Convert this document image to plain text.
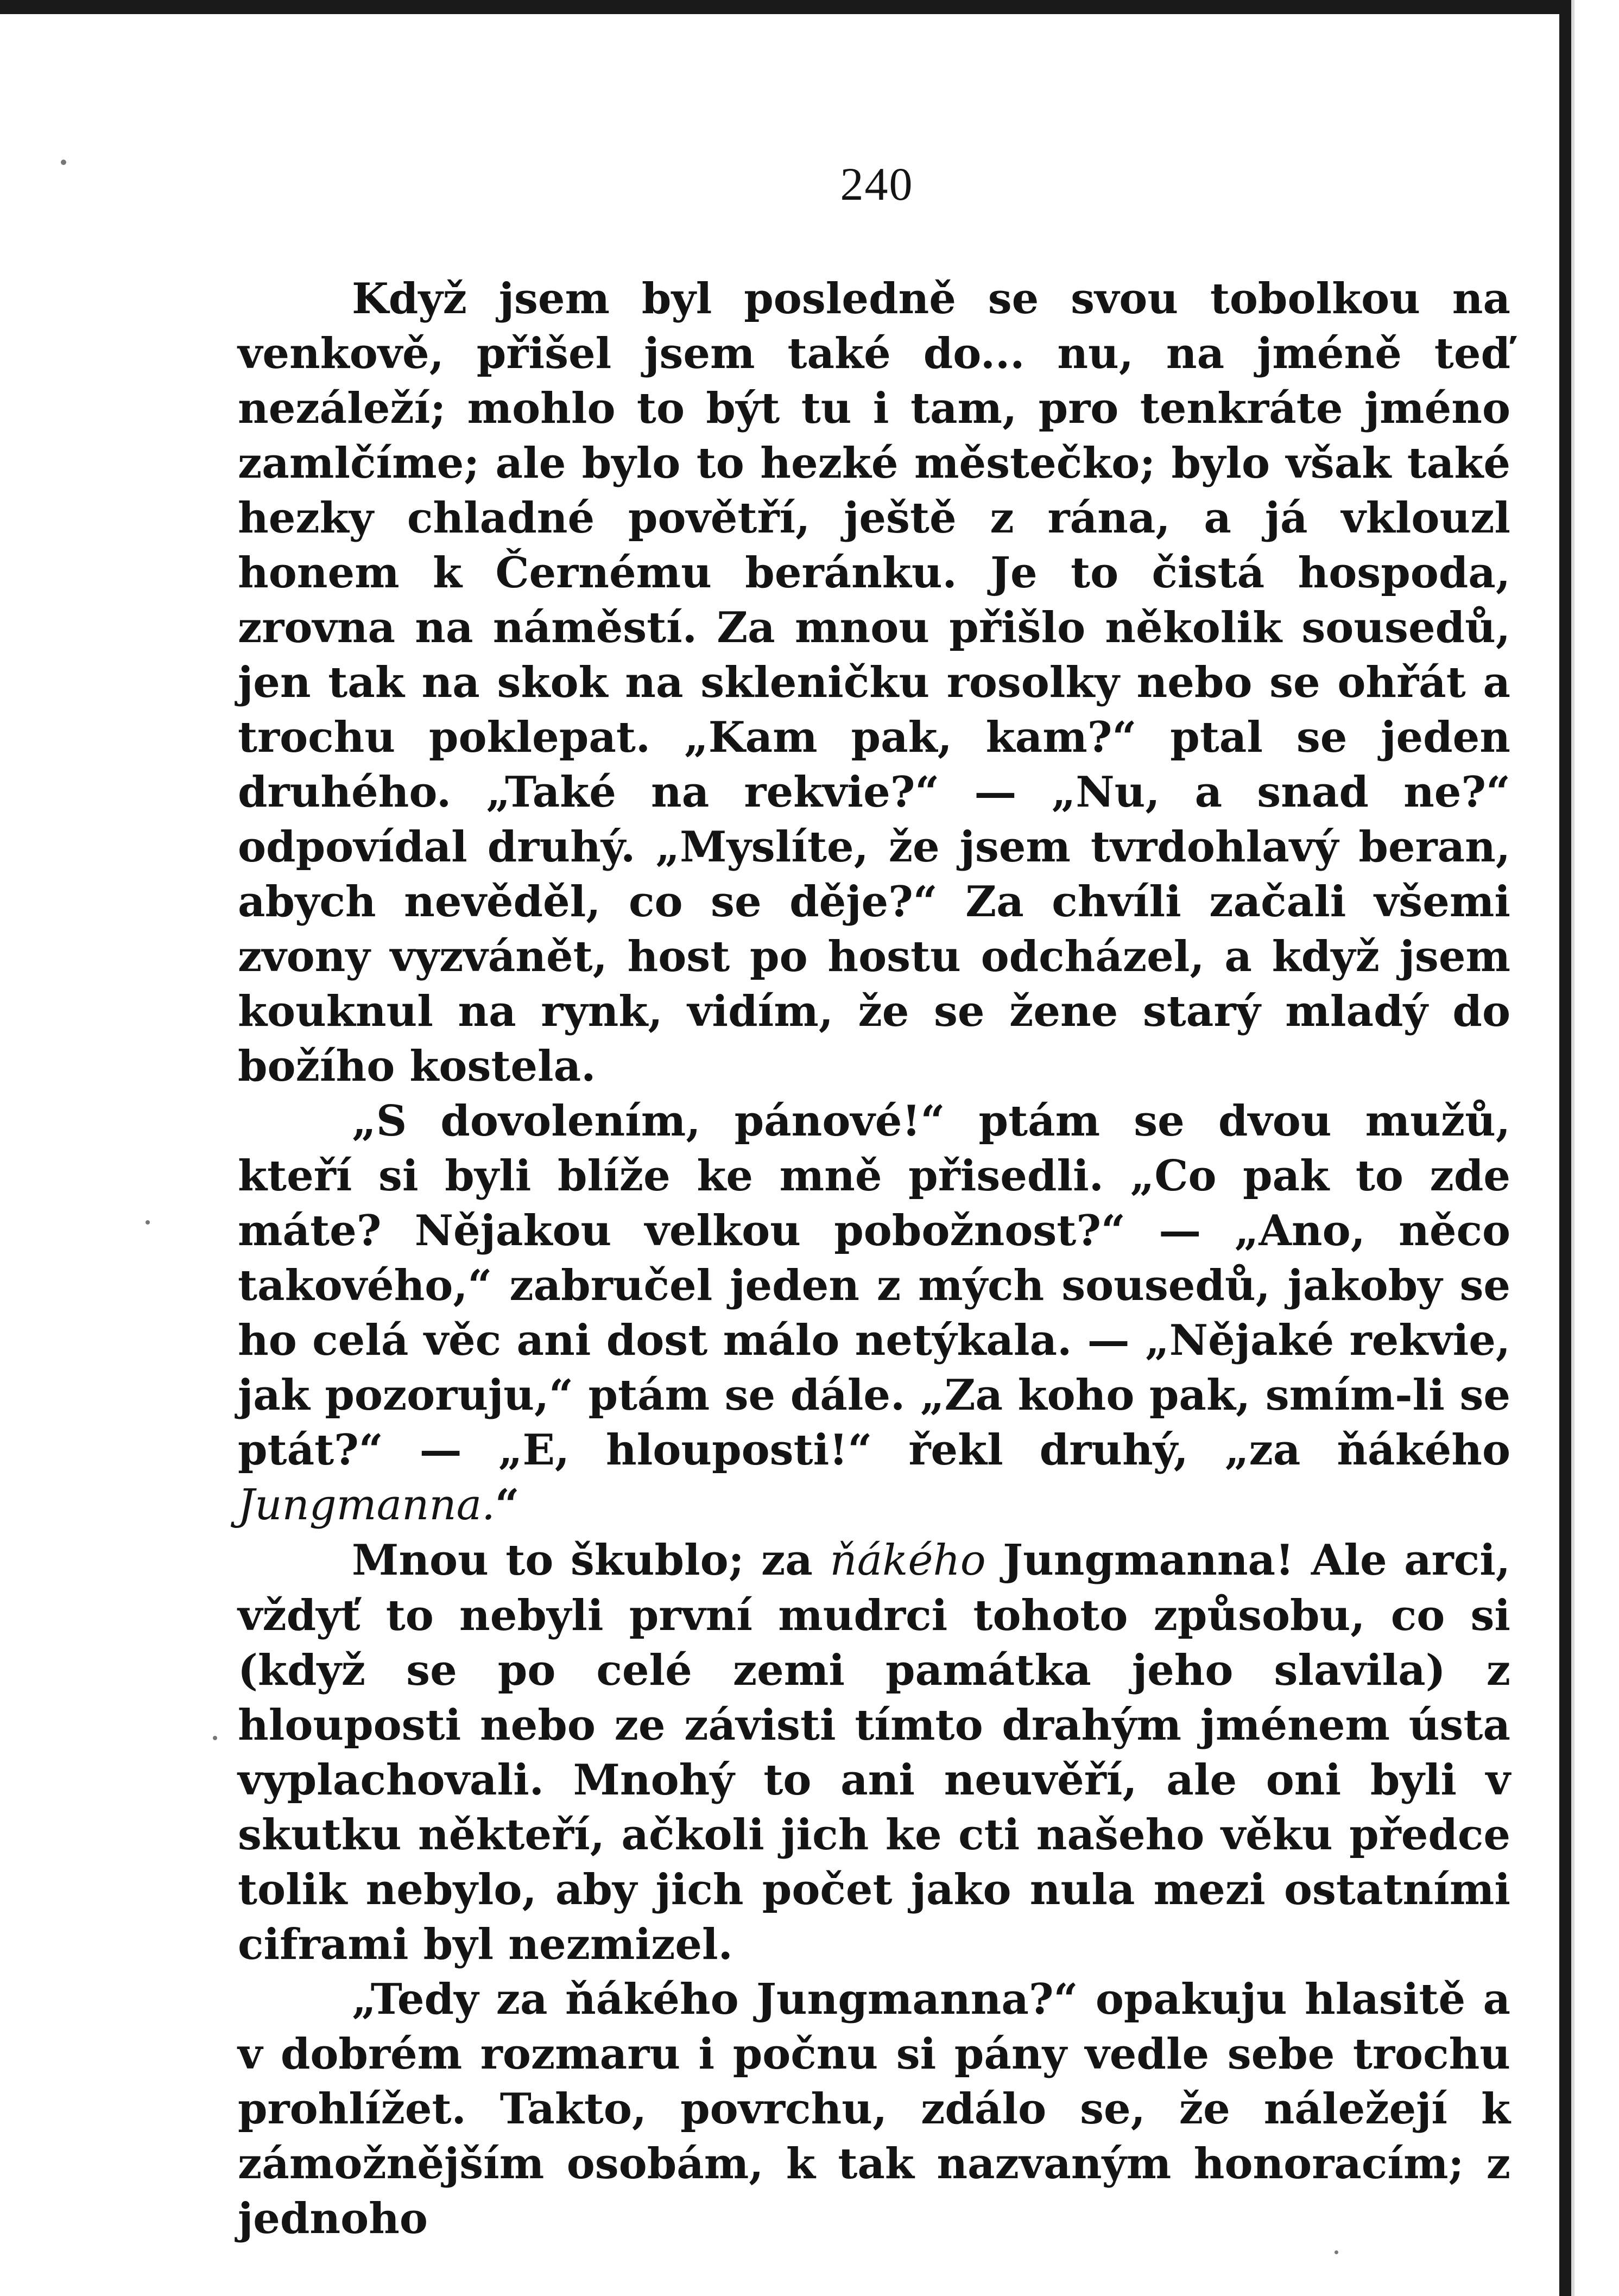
240

Když jsem byl posledně se svou tobolkou na venkově, přišel jsem také do... nu, na jméně teď nezáleží; mohlo to být tu i tam, pro tenkráte jméno zamlčíme; ale bylo to hezké městečko; bylo však také hezky chladné povětří, ještě z rána, a já vklouzl honem k Černému beránku. Je to čistá hospoda, zrovna na náměstí. Za mnou přišlo několik sousedů, jen tak na skok na skleničku rosolky nebo se ohřát a trochu poklepat. „Kam pak, kam?“ ptal se jeden druhého. „Také na rekvie?“ — „Nu, a snad ne?“ odpovídal druhý. „Myslíte, že jsem tvrdohlavý beran, abych nevěděl, co se děje?“ Za chvíli začali všemi zvony vyzvánět, host po hostu odcházel, a když jsem kouknul na rynk, vidím, že se žene starý mladý do božího kostela.

„S dovolením, pánové!“ ptám se dvou mužů, kteří si byli blíže ke mně přisedli. „Co pak to zde máte? Nějakou velkou pobožnost?“ — „Ano, něco takového,“ zabručel jeden z mých sousedů, jakoby se ho celá věc ani dost málo netýkala. — „Nějaké rekvie, jak pozoruju,“ ptám se dále. „Za koho pak, smím-li se ptát?“ — „E, hlouposti!“ řekl druhý, „za ňákého Jungmanna.“

Mnou to škublo; za ňákého Jungmanna! Ale arci, vždyť to nebyli první mudrci tohoto způsobu, co si (když se po celé zemi památka jeho slavila) z hlouposti nebo ze závisti tímto drahým jménem ústa vyplachovali. Mnohý to ani neuvěří, ale oni byli v skutku někteří, ačkoli jich ke cti našeho věku předce tolik nebylo, aby jich počet jako nula mezi ostatními ciframi byl nezmizel.

„Tedy za ňákého Jungmanna?“ opakuju hlasitě a v dobrém rozmaru i počnu si pány vedle sebe trochu prohlížet. Takto, povrchu, zdálo se, že náležejí k zámožnějším osobám, k tak nazvaným honoracím; z jednoho
